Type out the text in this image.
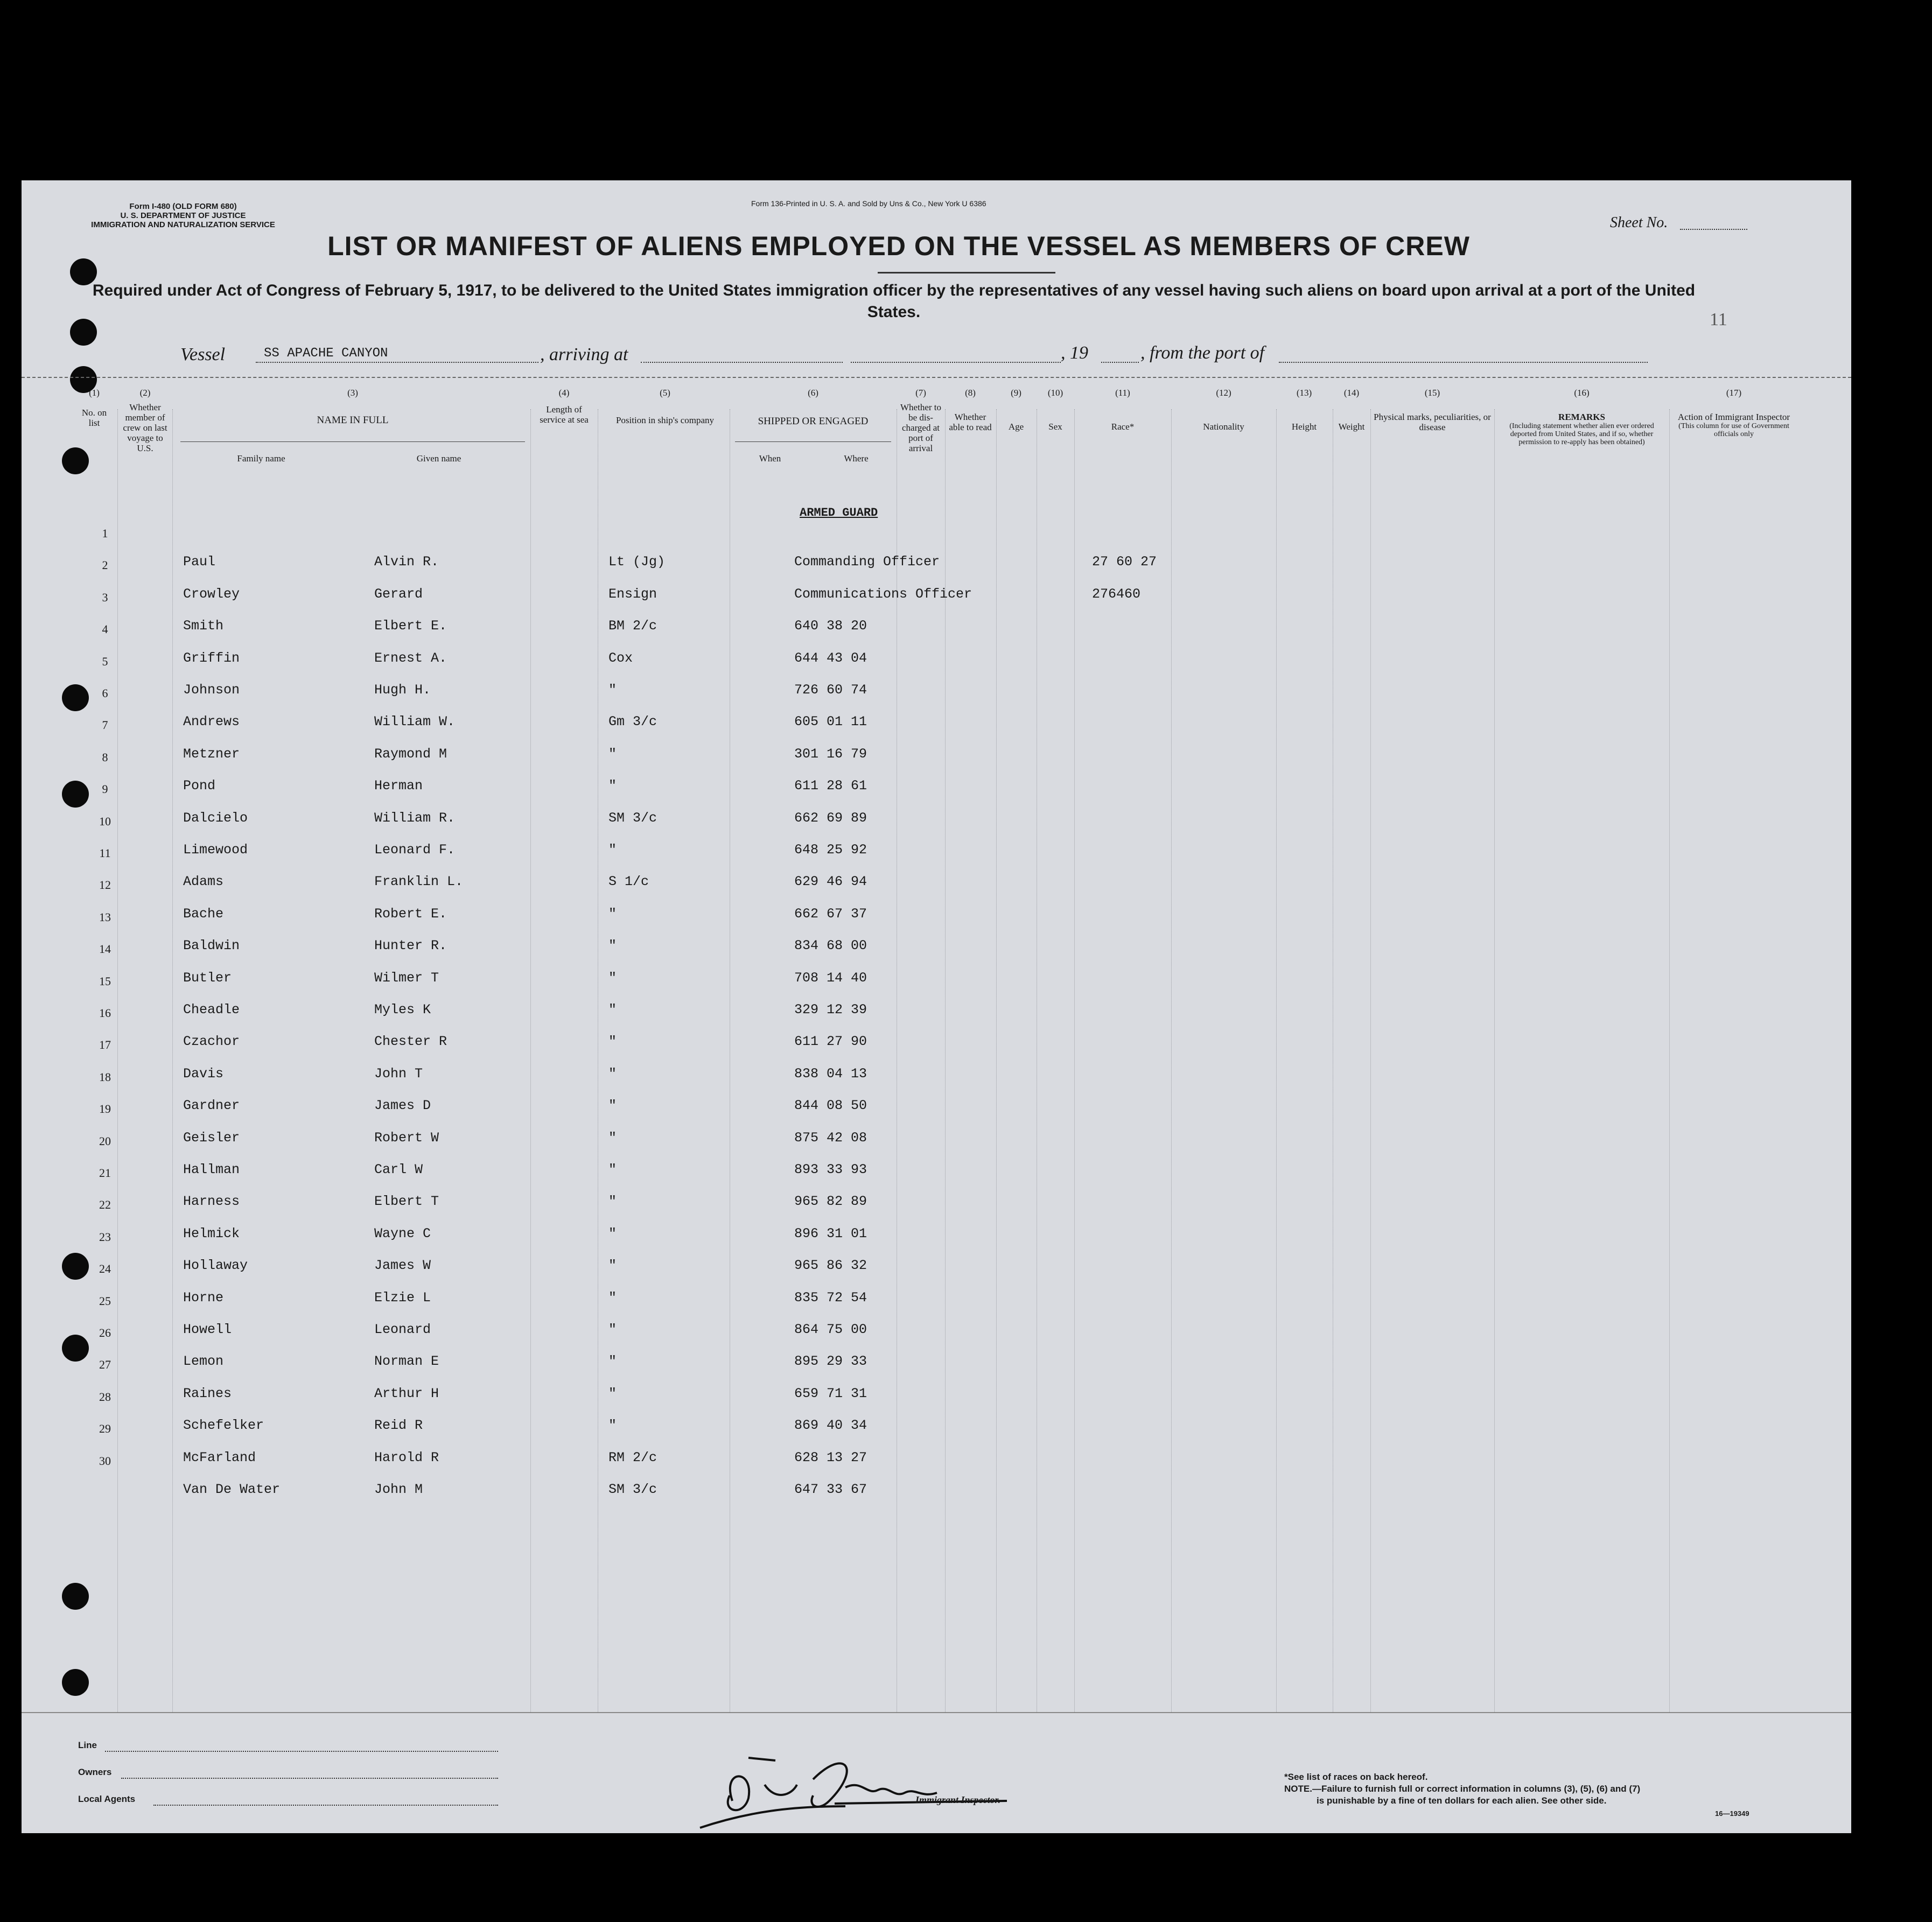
Form I-480 (OLD FORM 680)
U. S. DEPARTMENT OF JUSTICE
IMMIGRATION AND NATURALIZATION SERVICE
Form 136-Printed in U. S. A. and Sold by Uns & Co., New York U 6386
Sheet No.
LIST OR MANIFEST OF ALIENS EMPLOYED ON THE VESSEL AS MEMBERS OF CREW
Required under Act of Congress of February 5, 1917, to be delivered to the United States immigration officer by the representatives of any vessel having such aliens on board upon arrival at a port of the United States.	11
Vessel	SS APACHE CANYON	, arriving at	, 19	, from the port of
(1)
No. on list
(2)
Whether member of crew on last voyage to U.S.
(3)
NAME IN FULL
Family name	Given name
(4)
Length of service at sea
(5)
Position in ship's company
(6)
SHIPPED OR ENGAGED
When	Where
(7)
Whether to be dis-charged at port of arrival
(8)
Whether able to read
(9)
Age
(10)
Sex
(11)
Race*
(12)
Nationality
(13)
Height
(14)
Weight
(15)
Physical marks, peculiarities, or disease
(16)
REMARKS
(Including statement whether alien ever ordered deported from United States, and if so, whether permission to re-apply has been obtained)
(17)
Action of Immigrant Inspector
(This column for use of Government officials only
ARMED GUARD
1
2	Paul	Alvin R.	Lt (Jg)	Commanding Officer	27 60 27
3	Crowley	Gerard	Ensign	Communications Officer	276460
4	Smith	Elbert E.	BM 2/c	640 38 20
5	Griffin	Ernest A.	Cox	644 43 04
6	Johnson	Hugh H.	"	726 60 74
7	Andrews	William W.	Gm 3/c	605 01 11
8	Metzner	Raymond M	"	301 16 79
9	Pond	Herman	"	611 28 61
10	Dalcielo	William R.	SM 3/c	662 69 89
11	Limewood	Leonard F.	"	648 25 92
12	Adams	Franklin L.	S 1/c	629 46 94
13	Bache	Robert E.	"	662 67 37
14	Baldwin	Hunter R.	"	834 68 00
15	Butler	Wilmer T	"	708 14 40
16	Cheadle	Myles K	"	329 12 39
17	Czachor	Chester R	"	611 27 90
18	Davis	John T	"	838 04 13
19	Gardner	James D	"	844 08 50
20	Geisler	Robert W	"	875 42 08
21	Hallman	Carl W	"	893 33 93
22	Harness	Elbert T	"	965 82 89
23	Helmick	Wayne C	"	896 31 01
24	Hollaway	James W	"	965 86 32
25	Horne	Elzie L	"	835 72 54
26	Howell	Leonard	"	864 75 00
27	Lemon	Norman E	"	895 29 33
28	Raines	Arthur H	"	659 71 31
29	Schefelker	Reid R	"	869 40 34
30	McFarland	Harold R	RM 2/c	628 13 27
Van De Water	John M	SM 3/c	647 33 67
Line
Owners
Local Agents	Immigrant Inspector.
*See list of races on back hereof.
NOTE.—Failure to furnish full or correct information in columns (3), (5), (6) and (7)
is punishable by a fine of ten dollars for each alien. See other side.
16—19349
